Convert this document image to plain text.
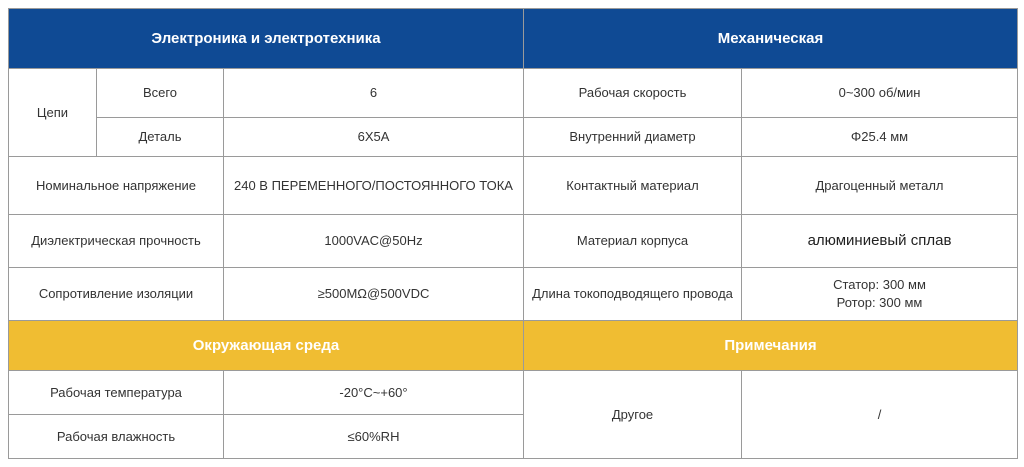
Электроника и электротехника			Механическая	
Цепи	Всего	6	Рабочая скорость	0~300 об/мин
	Деталь	6X5A	Внутренний диаметр	Φ25.4 мм
Номинальное напряжение		240 В ПЕРЕМЕННОГО/ПОСТОЯННОГО ТОКА	Контактный материал	Драгоценный металл
Диэлектрическая прочность		1000VAC@50Hz	Материал корпуса	алюминиевый сплав
Сопротивление изоляции		≥500MΩ@500VDC	Длина токоподводящего провода	Статор: 300 мм
Ротор: 300 мм

Окружающая среда			Примечания	
Рабочая температура		-20°C~+60°	Другое	/
Рабочая влажность		≤60%RH		
